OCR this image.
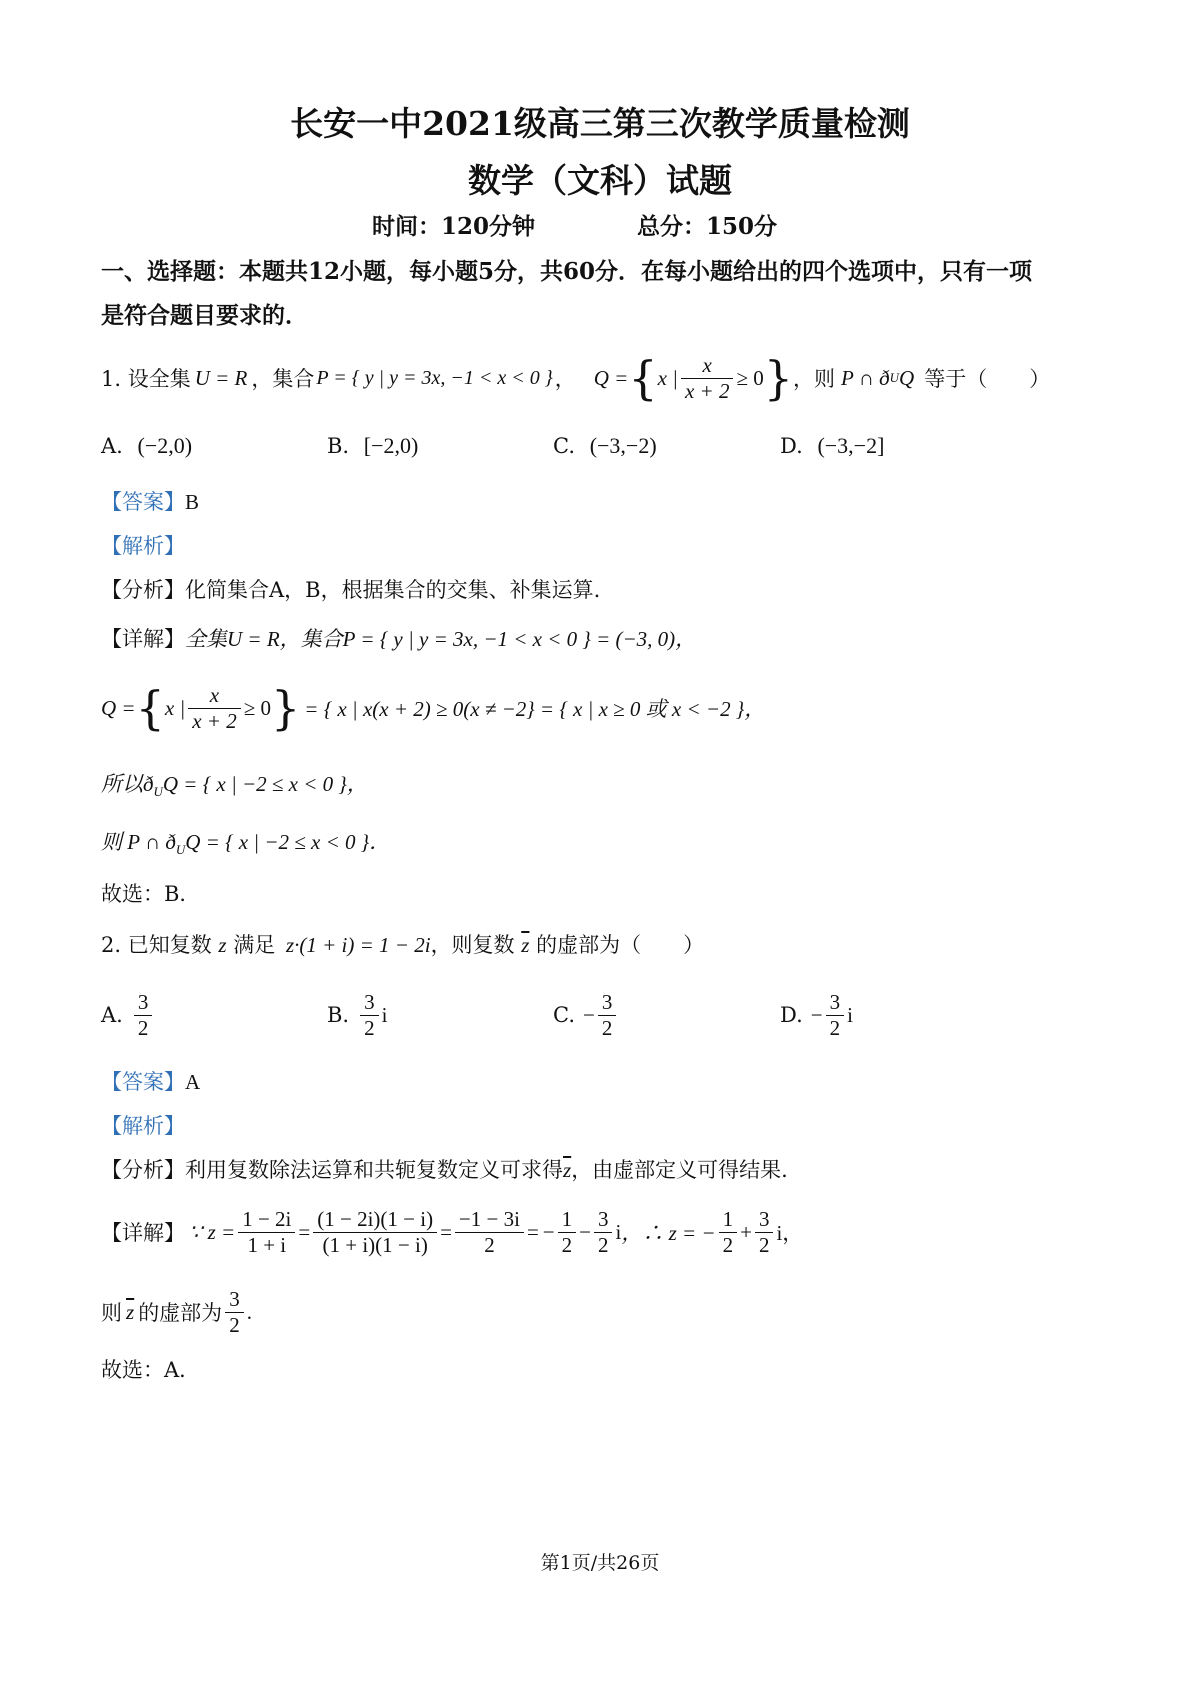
长安一中2021级高三第三次教学质量检测
数学（文科）试题
时间：120分钟	总分：150分
一、选择题：本题共12小题，每小题5分，共60分．在每小题给出的四个选项中，只有一项
是符合题目要求的．
1. 设全集 U = R ，集合 P = { y | y = 3x, −1 < x < 0 } ， Q = { x | $\frac{x}{x + 2} \ge 0$ } ，则 P ∩ ð U Q 等于（　　）
A. (−2,0)	B. [−2,0)	C. (−3,−2)	D. (−3,−2]
【答案】B
【解析】
【分析】化简集合A，B，根据集合的交集、补集运算.
【详解】全集U = R，集合P = { y | y = 3x, −1 < x < 0 } = (−3, 0)，
Q = { x | $\frac{x}{x + 2} \ge 0$ } = { x | x(x + 2) ≥ 0(x ≠ −2} = { x | x ≥ 0 或 x < −2 }，
所以$ð_UQ$ = { x | −2 ≤ x < 0 }，
则 P ∩ $ð_UQ$ = { x | −2 ≤ x < 0 }．
故选：B．
2. 已知复数 z 满足 z·(1 + i) = 1 − 2i，则复数 $\overline{z}$ 的虚部为（　　）
A. $\frac{3}{2}$	B. $\frac{3}{2}$ i	C. − $\frac{3}{2}$	D. − $\frac{3}{2}$ i
【答案】A
【解析】
【分析】利用复数除法运算和共轭复数定义可求得$\overline{z}$，由虚部定义可得结果.
【详解】 ∵ $z = \frac{1 - 2i}{1 + i} = \frac{(1 - 2i)(1 - i)}{(1 + i)(1 - i)} = \frac{-1 - 3i}{2}$ = − $\frac{1}{2} - \frac{3}{2}$ i ，∴ z = − $\frac{1}{2} + \frac{3}{2}$ i，
则 $\overline{z}$ 的虚部为 $\frac{3}{2}$ .
故选：A．
第1页/共26页
